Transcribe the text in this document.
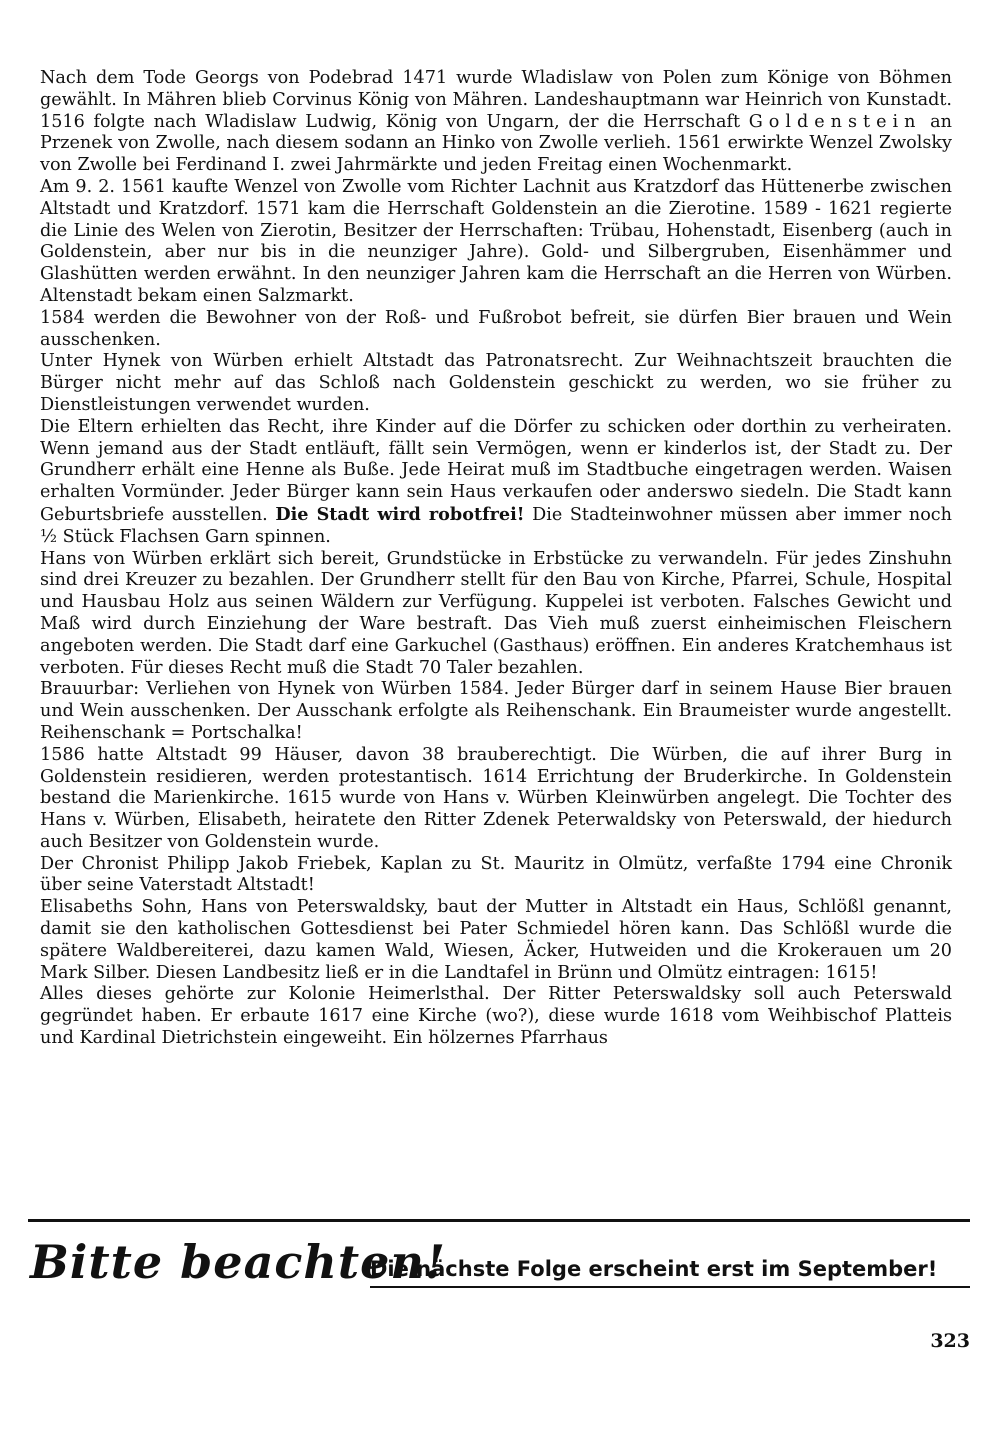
Nach dem Tode Georgs von Podebrad 1471 wurde Wladislaw von Polen zum Könige von Böhmen gewählt. In Mähren blieb Corvinus König von Mähren. Landeshauptmann war Heinrich von Kunstadt. 1516 folgte nach Wladislaw Ludwig, König von Ungarn, der die Herrschaft Goldenstein an Przenek von Zwolle, nach diesem sodann an Hinko von Zwolle verlieh. 1561 erwirkte Wenzel Zwolsky von Zwolle bei Ferdinand I. zwei Jahrmärkte und jeden Freitag einen Wochenmarkt.

Am 9. 2. 1561 kaufte Wenzel von Zwolle vom Richter Lachnit aus Kratzdorf das Hüttenerbe zwischen Altstadt und Kratzdorf. 1571 kam die Herrschaft Goldenstein an die Zierotine. 1589 - 1621 regierte die Linie des Welen von Zierotin, Besitzer der Herrschaften: Trübau, Hohenstadt, Eisenberg (auch in Goldenstein, aber nur bis in die neunziger Jahre). Gold- und Silbergruben, Eisenhämmer und Glashütten werden erwähnt. In den neunziger Jahren kam die Herrschaft an die Herren von Würben. Altenstadt bekam einen Salzmarkt.

1584 werden die Bewohner von der Roß- und Fußrobot befreit, sie dürfen Bier brauen und Wein ausschenken.

Unter Hynek von Würben erhielt Altstadt das Patronatsrecht. Zur Weihnachtszeit brauchten die Bürger nicht mehr auf das Schloß nach Goldenstein geschickt zu werden, wo sie früher zu Dienstleistungen verwendet wurden.

Die Eltern erhielten das Recht, ihre Kinder auf die Dörfer zu schicken oder dorthin zu verheiraten. Wenn jemand aus der Stadt entläuft, fällt sein Vermögen, wenn er kinderlos ist, der Stadt zu. Der Grundherr erhält eine Henne als Buße. Jede Heirat muß im Stadtbuche eingetragen werden. Waisen erhalten Vormünder. Jeder Bürger kann sein Haus verkaufen oder anderswo siedeln. Die Stadt kann Geburtsbriefe ausstellen. Die Stadt wird robotfrei! Die Stadteinwohner müssen aber immer noch ½ Stück Flachsen Garn spinnen.

Hans von Würben erklärt sich bereit, Grundstücke in Erbstücke zu verwandeln. Für jedes Zinshuhn sind drei Kreuzer zu bezahlen. Der Grundherr stellt für den Bau von Kirche, Pfarrei, Schule, Hospital und Hausbau Holz aus seinen Wäldern zur Verfügung. Kuppelei ist verboten. Falsches Gewicht und Maß wird durch Einziehung der Ware bestraft. Das Vieh muß zuerst einheimischen Fleischern angeboten werden. Die Stadt darf eine Garkuchel (Gasthaus) eröffnen. Ein anderes Kratchemhaus ist verboten. Für dieses Recht muß die Stadt 70 Taler bezahlen.

Brauurbar: Verliehen von Hynek von Würben 1584. Jeder Bürger darf in seinem Hause Bier brauen und Wein ausschenken. Der Ausschank erfolgte als Reihenschank. Ein Braumeister wurde angestellt. Reihenschank = Portschalka!

1586 hatte Altstadt 99 Häuser, davon 38 brauberechtigt. Die Würben, die auf ihrer Burg in Goldenstein residieren, werden protestantisch. 1614 Errichtung der Bruderkirche. In Goldenstein bestand die Marienkirche. 1615 wurde von Hans v. Würben Kleinwürben angelegt. Die Tochter des Hans v. Würben, Elisabeth, heiratete den Ritter Zdenek Peterwaldsky von Peterswald, der hiedurch auch Besitzer von Goldenstein wurde.

Der Chronist Philipp Jakob Friebek, Kaplan zu St. Mauritz in Olmütz, verfaßte 1794 eine Chronik über seine Vaterstadt Altstadt!

Elisabeths Sohn, Hans von Peterswaldsky, baut der Mutter in Altstadt ein Haus, Schlößl genannt, damit sie den katholischen Gottesdienst bei Pater Schmiedel hören kann. Das Schlößl wurde die spätere Waldbereiterei, dazu kamen Wald, Wiesen, Äcker, Hutweiden und die Krokerauen um 20 Mark Silber. Diesen Landbesitz ließ er in die Landtafel in Brünn und Olmütz eintragen: 1615!

Alles dieses gehörte zur Kolonie Heimerlsthal. Der Ritter Peterswaldsky soll auch Peterswald gegründet haben. Er erbaute 1617 eine Kirche (wo?), diese wurde 1618 vom Weihbischof Platteis und Kardinal Dietrichstein eingeweiht. Ein hölzernes Pfarrhaus

Bitte beachten!
Die nächste Folge erscheint erst im September!
323
